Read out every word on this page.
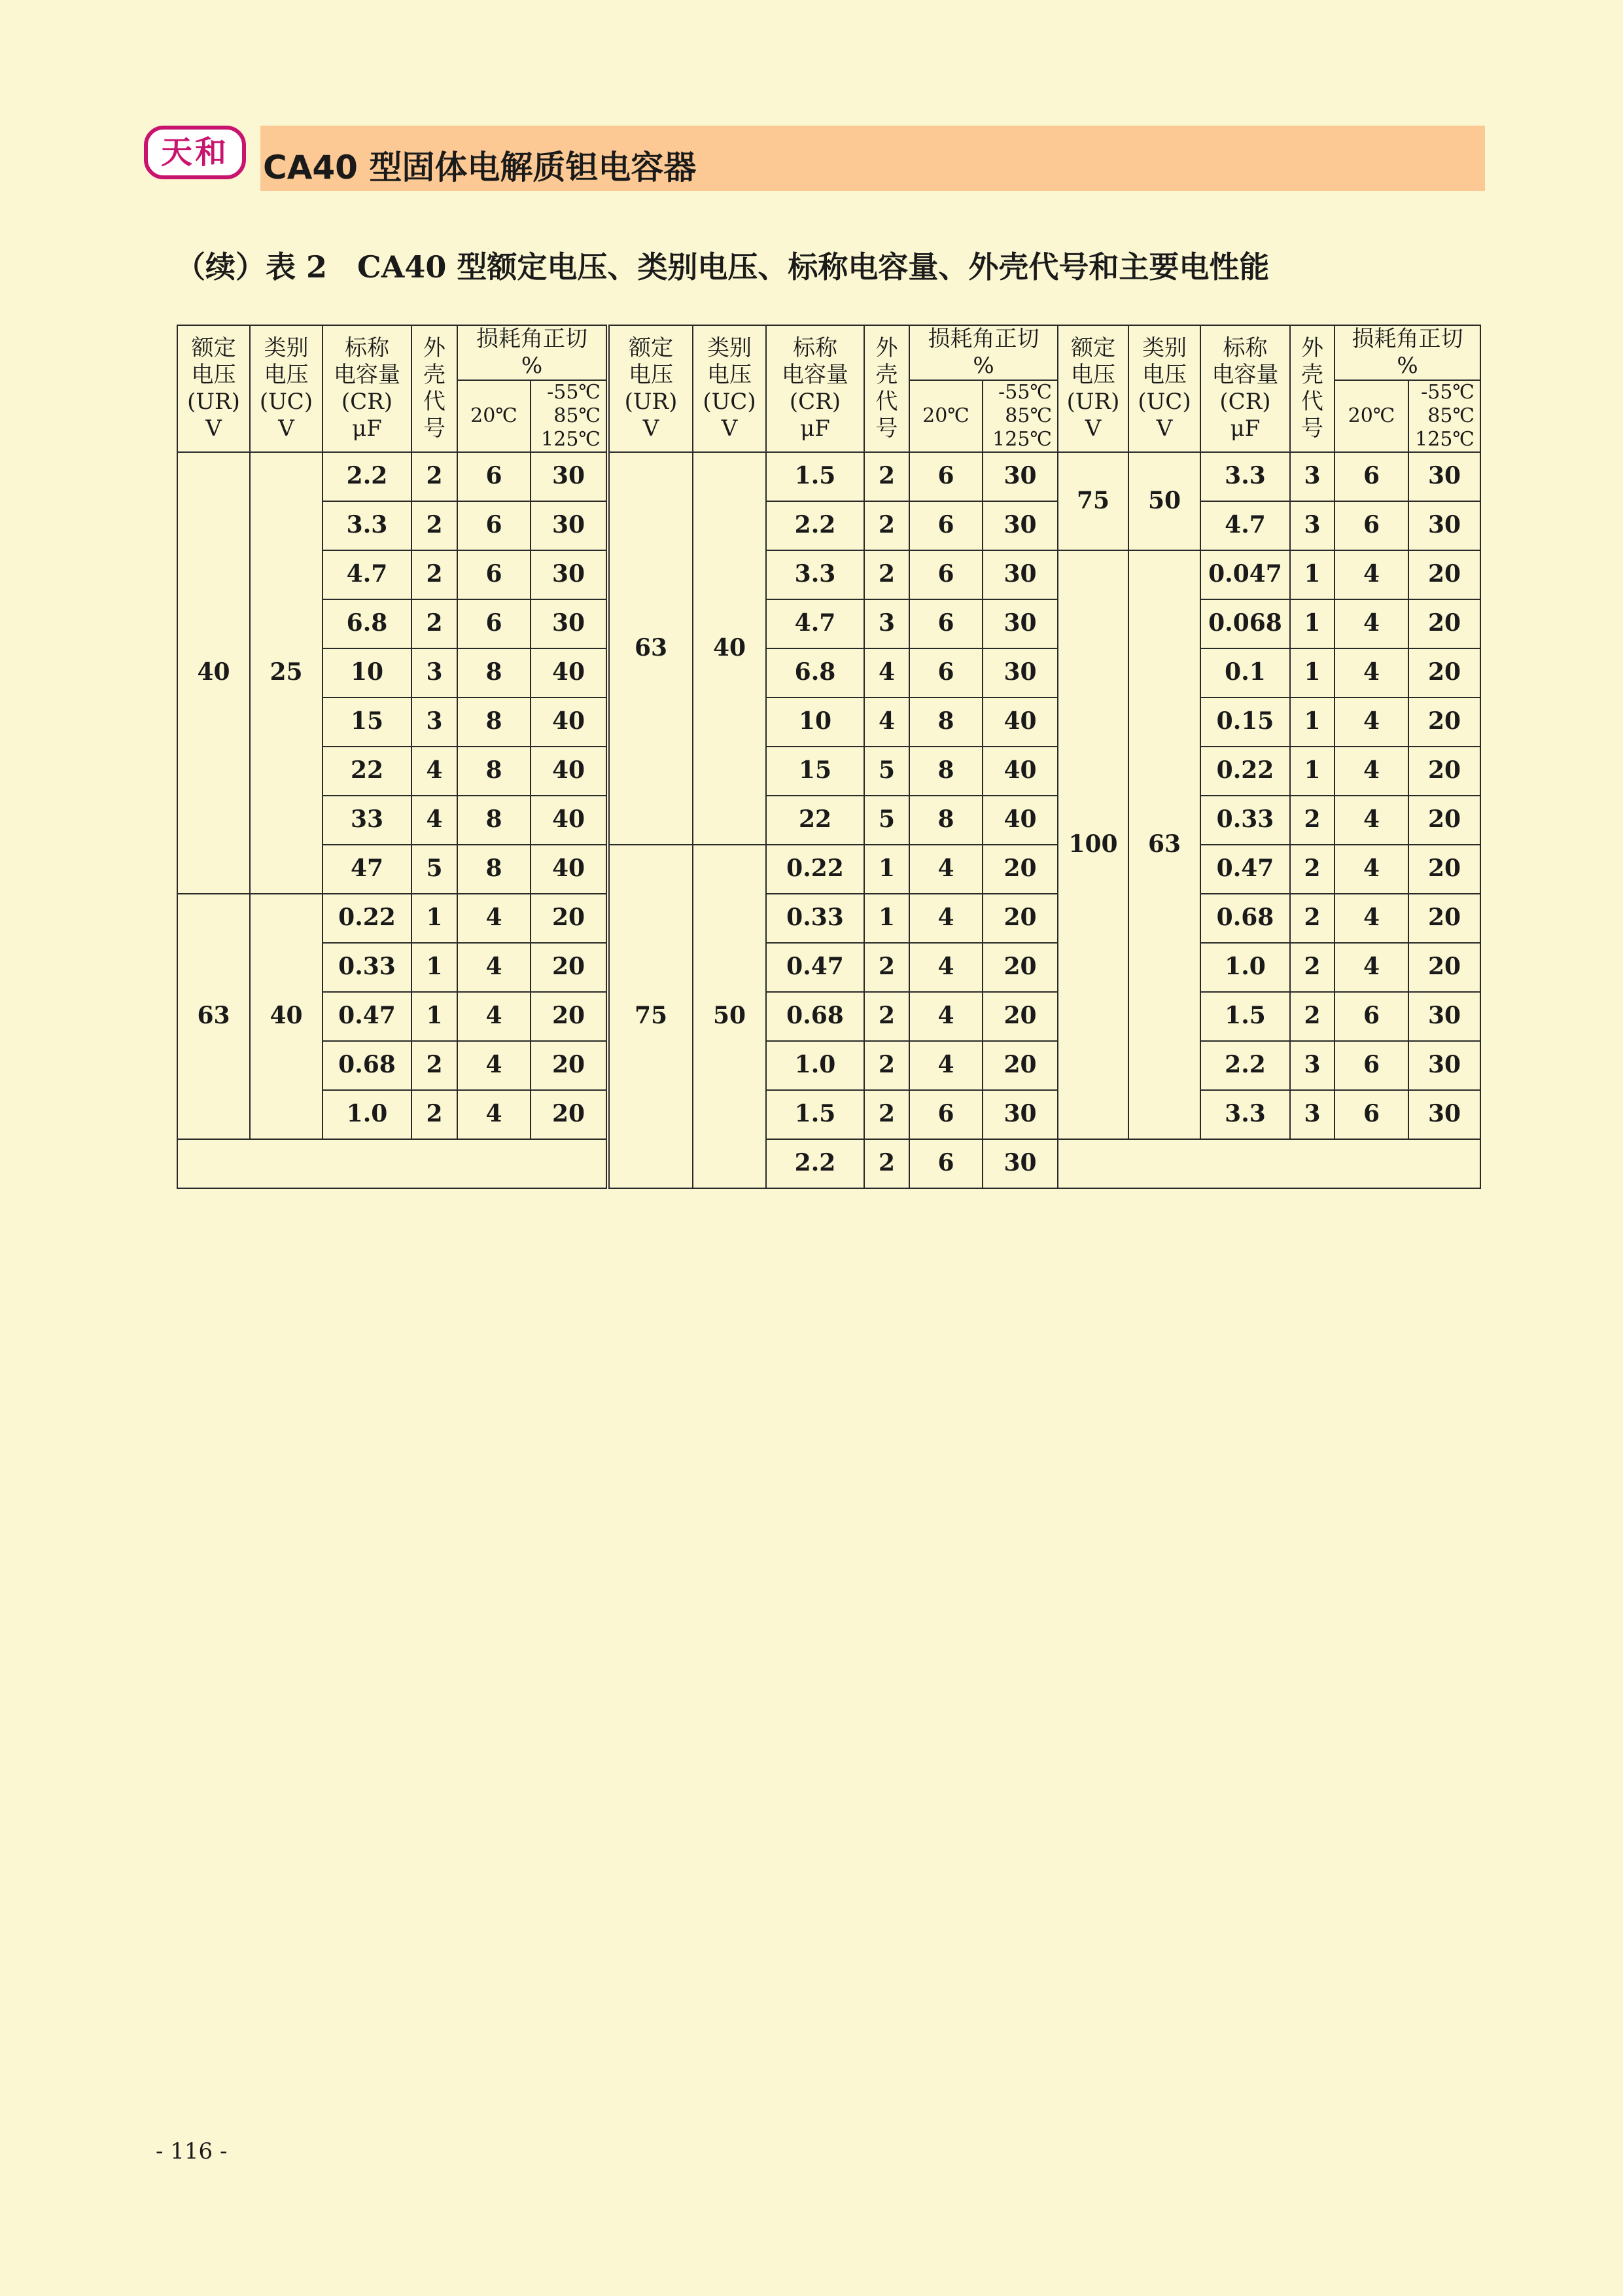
天和	CA40 型固体电解质钽电容器
（续）表 2　CA40 型额定电压、类别电压、标称电容量、外壳代号和主要电性能
额定
电压
(UR)
V	类别
电压
(UC)
V	标称
电容量
(CR)
μF	外
壳
代
号	损耗角正切
%	
				20℃	-55℃
85℃
125℃

40	25	2.2	2	6	30
		3.3	2	6	30
		4.7	2	6	30
		6.8	2	6	30
		10	3	8	40
		15	3	8	40
		22	4	8	40
		33	4	8	40
		47	5	8	40
63	40	0.22	1	4	20
		0.33	1	4	20
		0.47	1	4	20
		0.68	2	4	20
		1.0	2	4	20

额定
电压
(UR)
V	类别
电压
(UC)
V	标称
电容量
(CR)
μF	外
壳
代
号	损耗角正切
%	
				20℃	-55℃
85℃
125℃

63	40	1.5	2	6	30
		2.2	2	6	30
		3.3	2	6	30
		4.7	3	6	30
		6.8	4	6	30
		10	4	8	40
		15	5	8	40
		22	5	8	40
75	50	0.22	1	4	20
		0.33	1	4	20
		0.47	2	4	20
		0.68	2	4	20
		1.0	2	4	20
		1.5	2	6	30
		2.2	2	6	30
额定
电压
(UR)
V	类别
电压
(UC)
V	标称
电容量
(CR)
μF	外
壳
代
号	损耗角正切
%	
				20℃	-55℃
85℃
125℃

75	50	3.3	3	6	30
		4.7	3	6	30
100	63	0.047	1	4	20
		0.068	1	4	20
		0.1	1	4	20
		0.15	1	4	20
		0.22	1	4	20
		0.33	2	4	20
		0.47	2	4	20
		0.68	2	4	20
		1.0	2	4	20
		1.5	2	6	30
		2.2	3	6	30
		3.3	3	6	30

- 116 -
